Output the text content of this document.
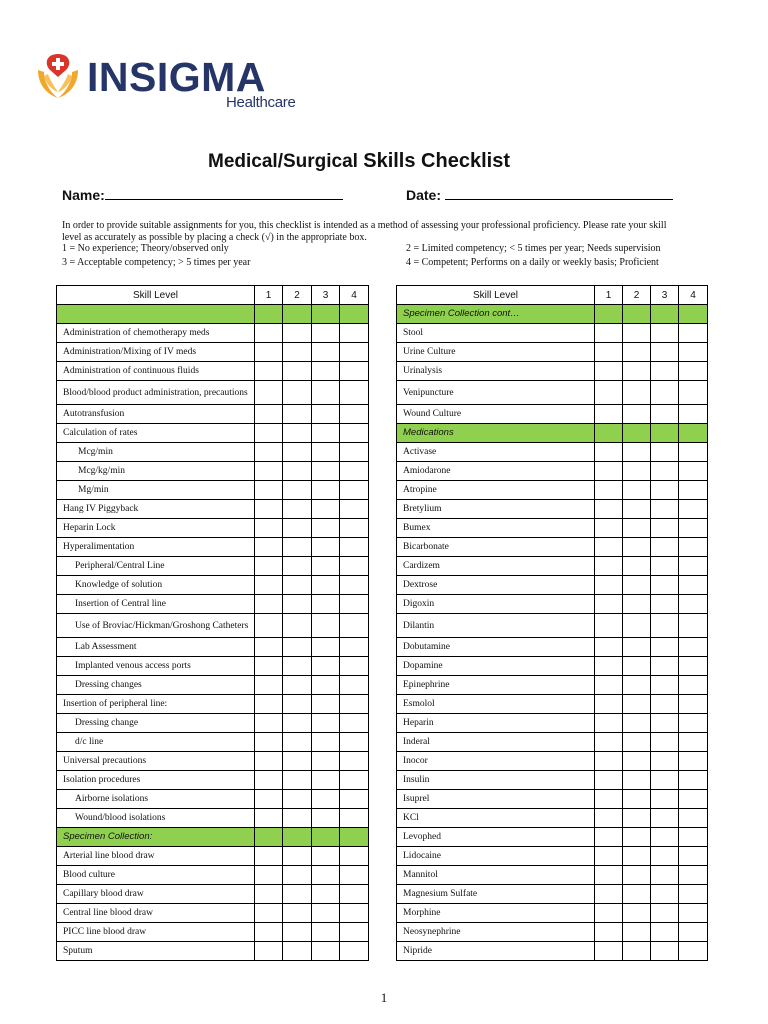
INSIGMA
Healthcare
Medical/Surgical Skills Checklist
Name:	Date:
In order to provide suitable assignments for you, this checklist is intended as a method of assessing your professional proficiency. Please rate your skill level as accurately as possible by placing a check (√) in the appropriate box.
1 = No experience; Theory/observed only	2 = Limited competency; < 5 times per year; Needs supervision
3 = Acceptable competency; > 5 times per year	4 = Competent; Performs on a daily or weekly basis; Proficient
Skill Level	1	2	3	4

Administration of chemotherapy meds				
Administration/Mixing of IV meds				
Administration of continuous fluids				
Blood/blood product administration, precautions				
Autotransfusion				
Calculation of rates				
Mcg/min				
Mcg/kg/min				
Mg/min				
Hang IV Piggyback				
Heparin Lock				
Hyperalimentation				
Peripheral/Central Line				
Knowledge of solution				
Insertion of Central line				
Use of Broviac/Hickman/Groshong Catheters				
Lab Assessment				
Implanted venous access ports				
Dressing changes				
Insertion of peripheral line:				
Dressing change				
d/c line				
Universal precautions				
Isolation procedures				
Airborne isolations				
Wound/blood isolations				
Specimen Collection:				
Arterial line blood draw				
Blood culture				
Capillary blood draw				
Central line blood draw				
PICC line blood draw				
Sputum				
Skill Level	1	2	3	4
Specimen Collection cont…				
Stool				
Urine Culture				
Urinalysis				
Venipuncture				
Wound Culture				
Medications				
Activase				
Amiodarone				
Atropine				
Bretylium				
Bumex				
Bicarbonate				
Cardizem				
Dextrose				
Digoxin				
Dilantin				
Dobutamine				
Dopamine				
Epinephrine				
Esmolol				
Heparin				
Inderal				
Inocor				
Insulin				
Isuprel				
KCl				
Levophed				
Lidocaine				
Mannitol				
Magnesium Sulfate				
Morphine				
Neosynephrine				
Nipride				
1
